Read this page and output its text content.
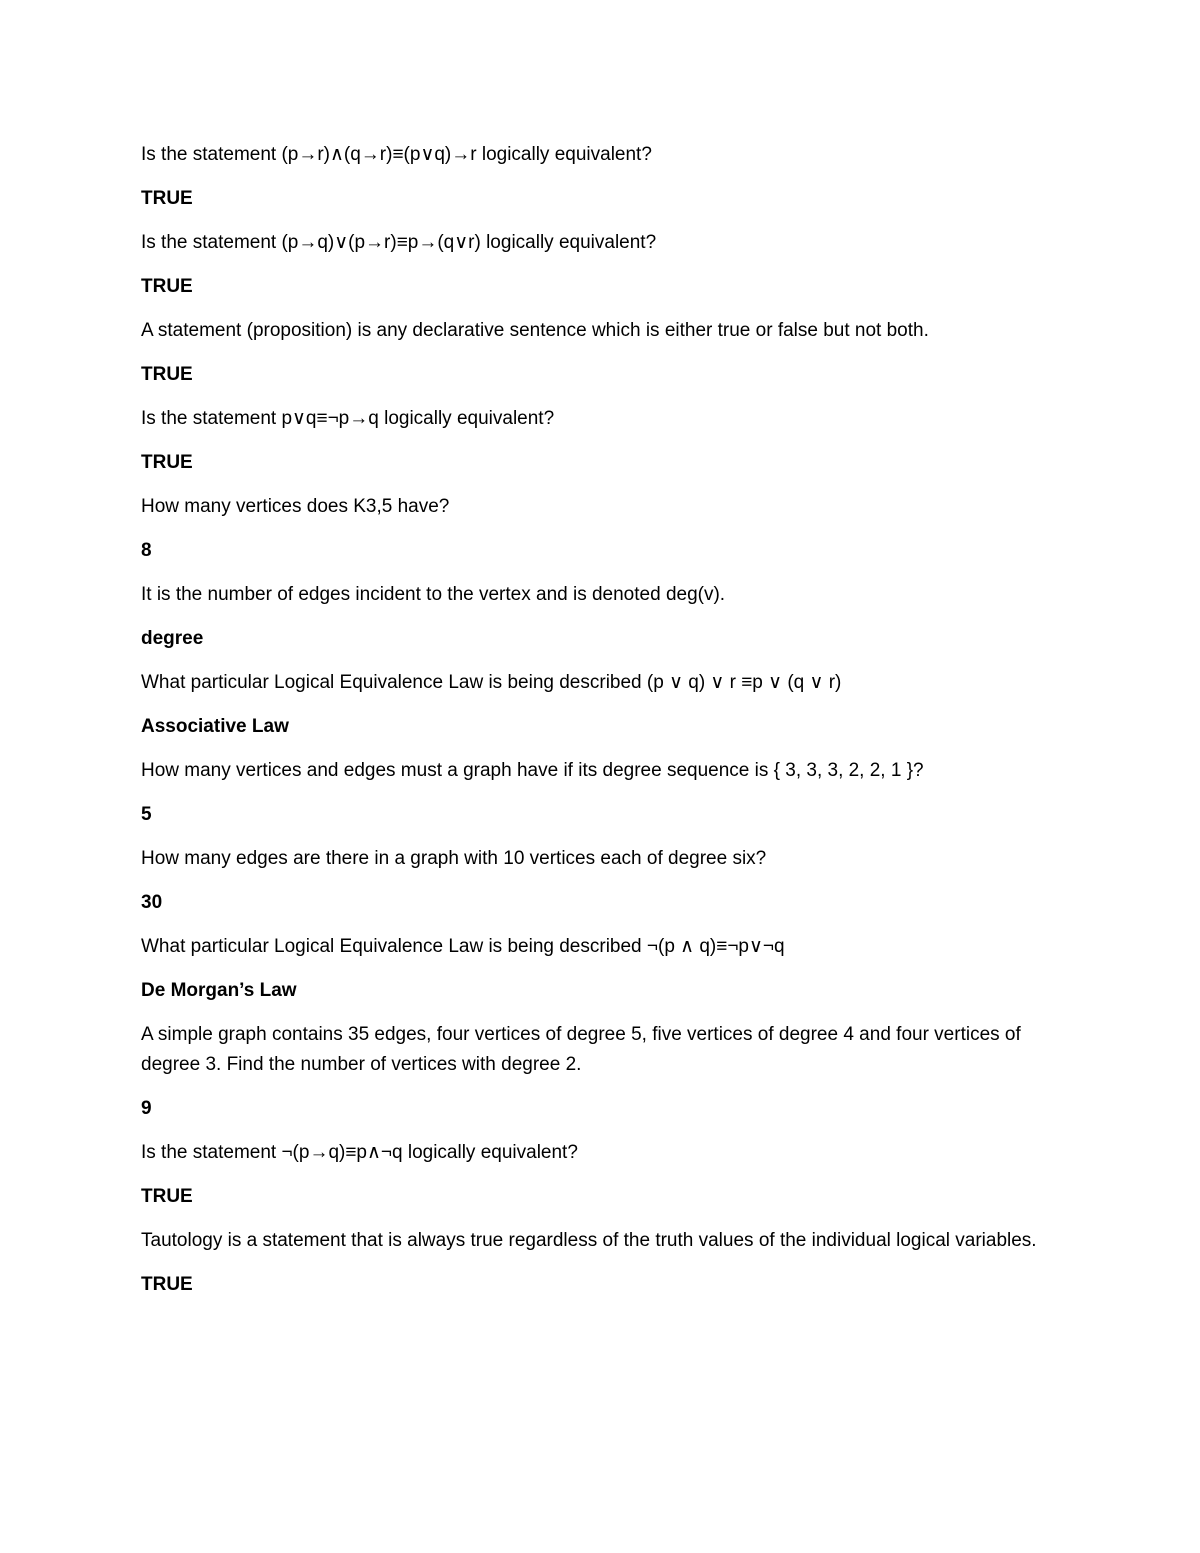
Is the statement (p→r)∧(q→r)≡(p∨q)→r logically equivalent?

TRUE

Is the statement (p→q)∨(p→r)≡p→(q∨r) logically equivalent?

TRUE

A statement (proposition) is any declarative sentence which is either true or false but not both.

TRUE

Is the statement p∨q≡¬p→q logically equivalent?

TRUE

How many vertices does K3,5 have?

8

It is the number of edges incident to the vertex and is denoted deg⁡(v).

degree

What particular Logical Equivalence Law is being described (p ∨ q) ∨ r ≡p ∨ (q ∨ r)

Associative Law

How many vertices and edges must a graph have if its degree sequence is { 3, 3, 3, 2, 2, 1 }?

5

How many edges are there in a graph with 10 vertices each of degree six?

30

What particular Logical Equivalence Law is being described ¬(p ∧ q)≡¬p∨¬q

De Morgan’s Law

A simple graph contains 35 edges, four vertices of degree 5, five vertices of degree 4 and four vertices of degree 3. Find the number of vertices with degree 2.

9

Is the statement ¬(p→q)≡p∧¬q logically equivalent?

TRUE

Tautology is a statement that is always true regardless of the truth values of the individual logical variables.

TRUE
